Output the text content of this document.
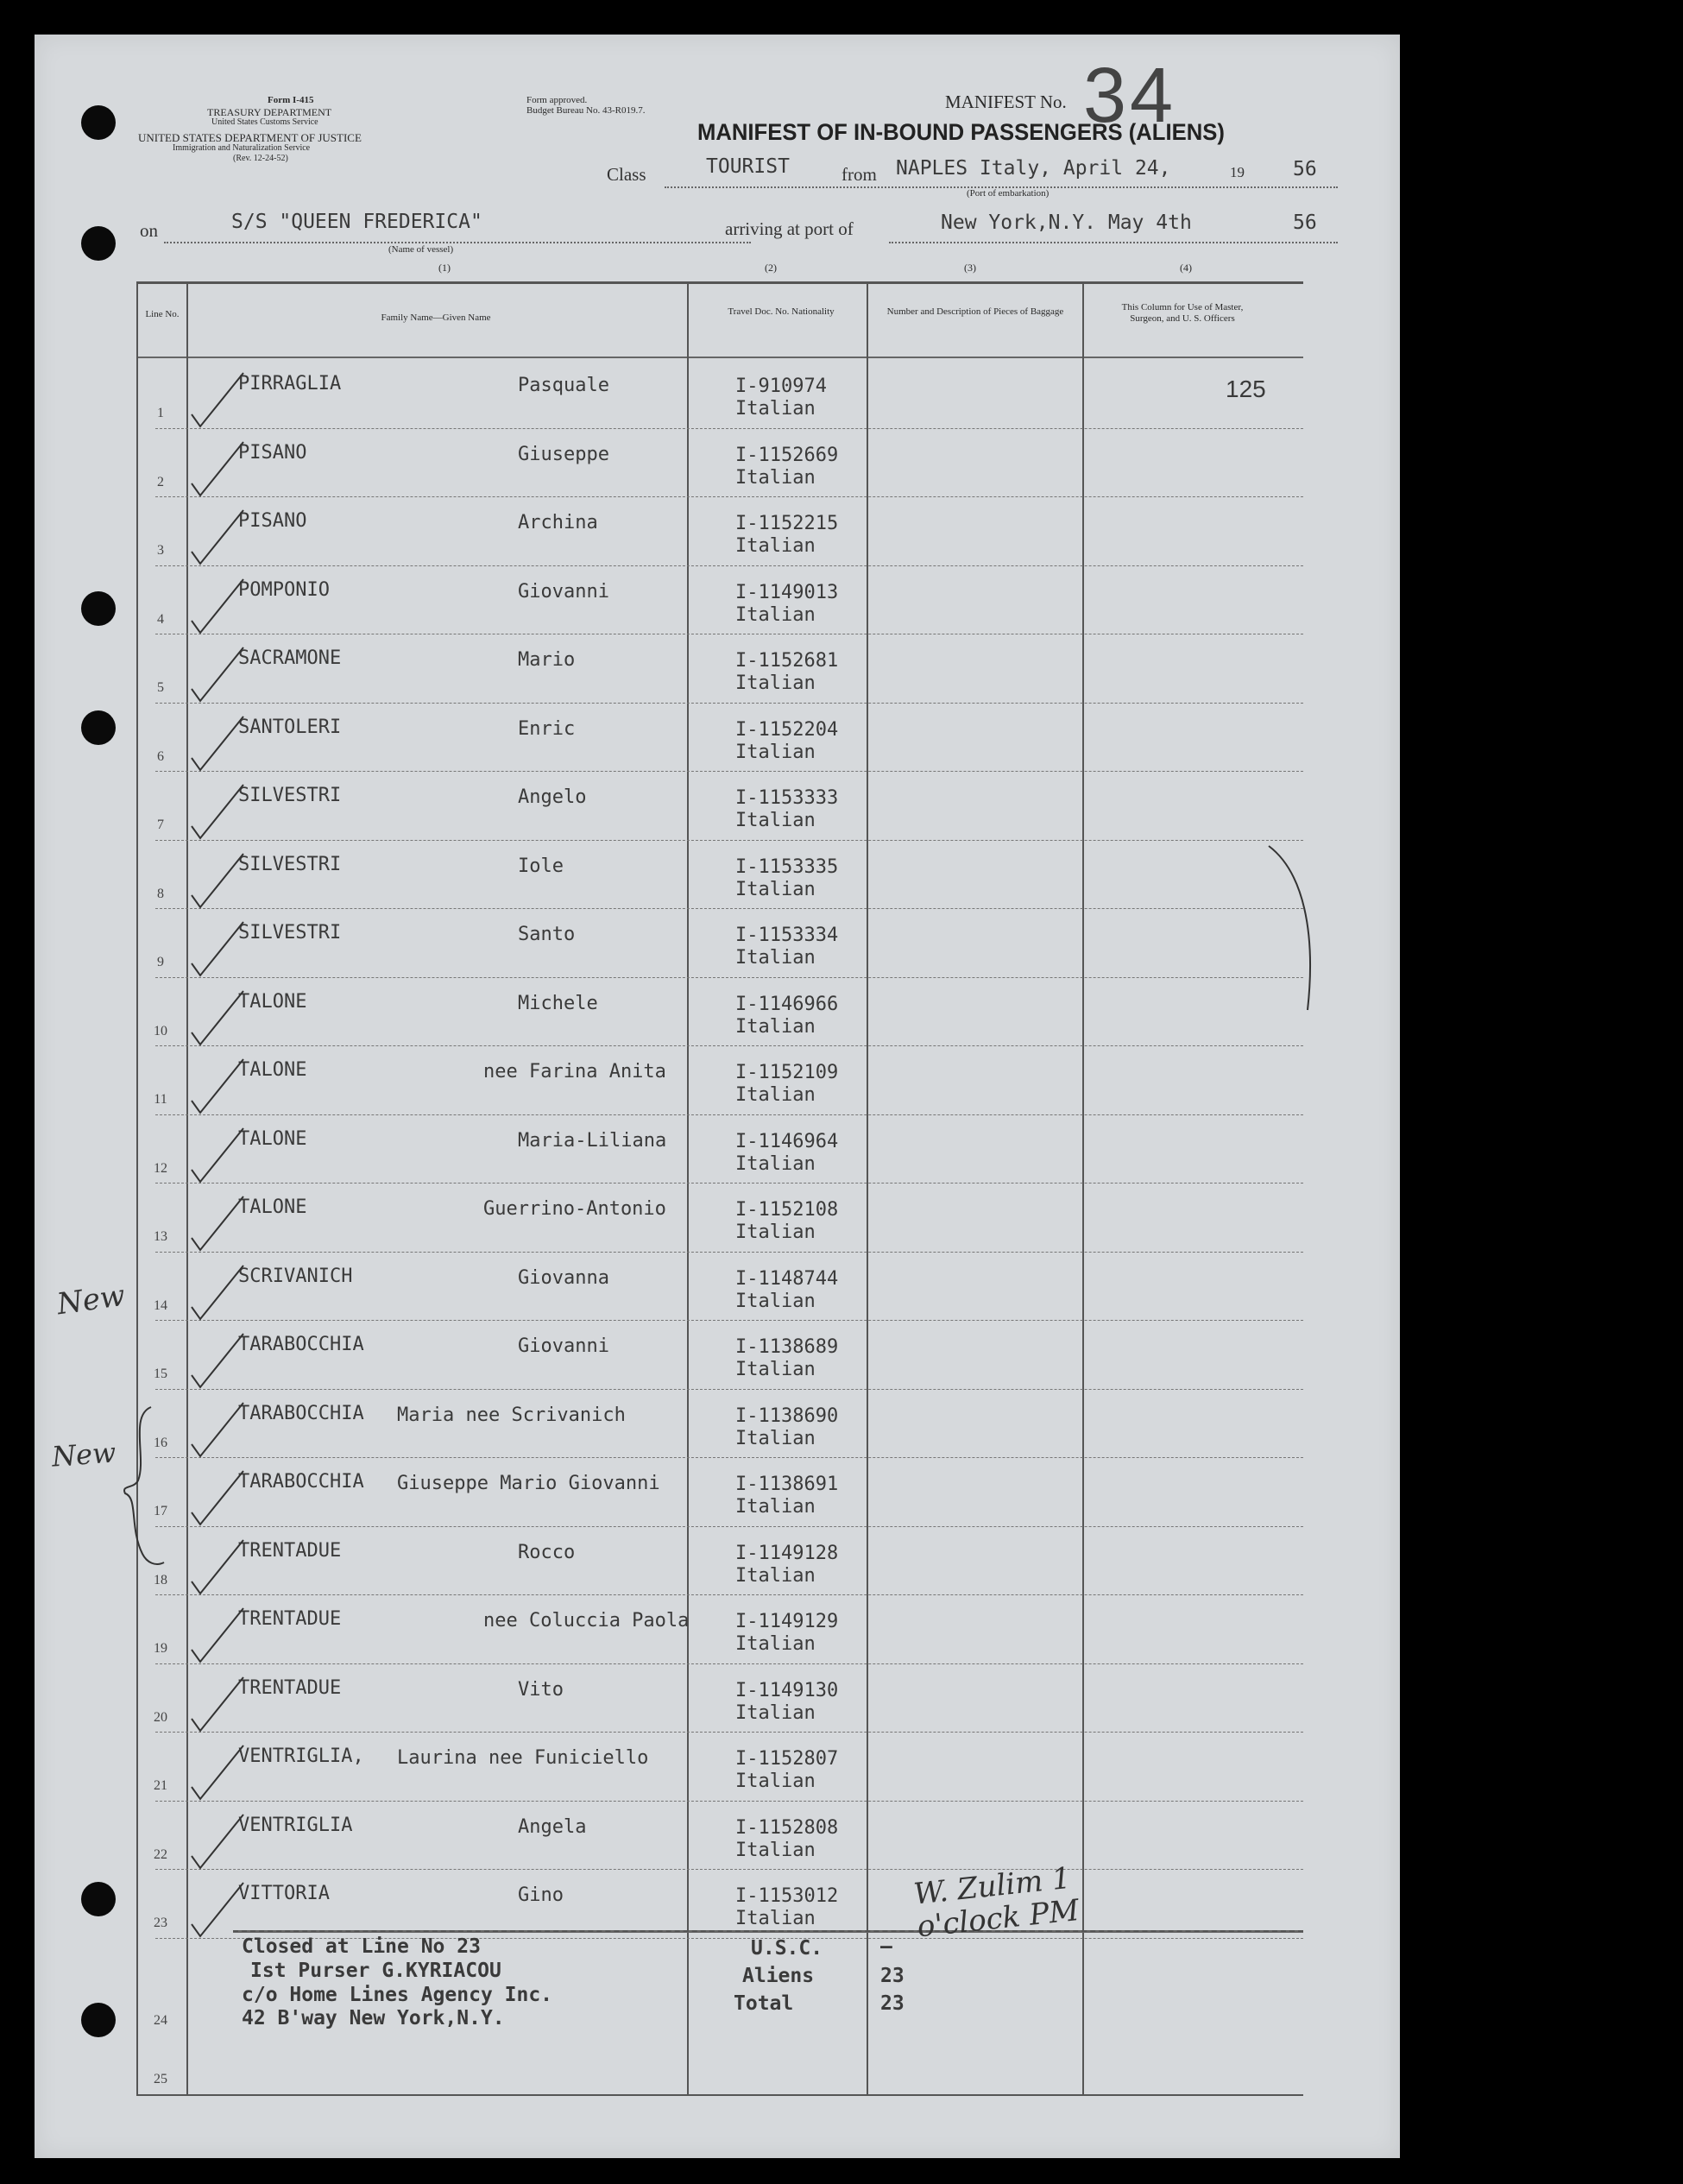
Form I-415
TREASURY DEPARTMENT
United States Customs Service
UNITED STATES DEPARTMENT OF JUSTICE
Immigration and Naturalization Service
(Rev. 12-24-52)
Form approved.
Budget Bureau No. 43-R019.7.	MANIFEST No. 34
MANIFEST OF IN-BOUND PASSENGERS (ALIENS)
Class	TOURIST	from NAPLES Italy, April 24,	19 56
(Port of embarkation)
on	S/S "QUEEN FREDERICA"
(Name of vessel)
arriving at port of	New York,N.Y. May 4th	56
(1)	(2)	(3)	(4)
Line No.	Family Name—Given Name
Travel Doc. No. Nationality	Number and Description of Pieces of Baggage	This Column for Use of Master, Surgeon, and U. S. Officers
125
1
PIRRAGLIA	Pasquale	I-910974
Italian
2
PISANO	Giuseppe	I-1152669
Italian
3
PISANO	Archina	I-1152215
Italian
4
POMPONIO	Giovanni	I-1149013
Italian
5
SACRAMONE	Mario	I-1152681
Italian
6
SANTOLERI	Enric	I-1152204
Italian
7
SILVESTRI	Angelo	I-1153333
Italian
8
SILVESTRI	Iole	I-1153335
Italian
9
SILVESTRI	Santo	I-1153334
Italian
10
TALONE	Michele	I-1146966
Italian
11
TALONE	nee Farina Anita	I-1152109
Italian
12
TALONE	Maria-Liliana	I-1146964
Italian
13
TALONE	Guerrino-Antonio	I-1152108
Italian
14
SCRIVANICH	Giovanna	I-1148744
Italian
15
TARABOCCHIA	Giovanni	I-1138689
Italian
16
TARABOCCHIA Maria nee Scrivanich	I-1138690
Italian
17
TARABOCCHIA Giuseppe Mario Giovanni	I-1138691
Italian
18
TRENTADUE	Rocco	I-1149128
Italian
19
TRENTADUE	nee Coluccia Paola I-1149129
Italian
20
TRENTADUE	Vito	I-1149130
Italian
21
VENTRIGLIA, Laurina nee Funiciello	I-1152807
Italian
22
VENTRIGLIA	Angela	I-1152808
Italian
23
VITTORIA	Gino	I-1153012
Italian
24
25
Closed at Line No 23
Ist Purser G.KYRIACOU
c/o Home Lines Agency Inc.
42 B'way New York,N.Y.
U.S.C.	—
Aliens	23
Total	23
New
New
W. Zulim 1 o'clock PM
